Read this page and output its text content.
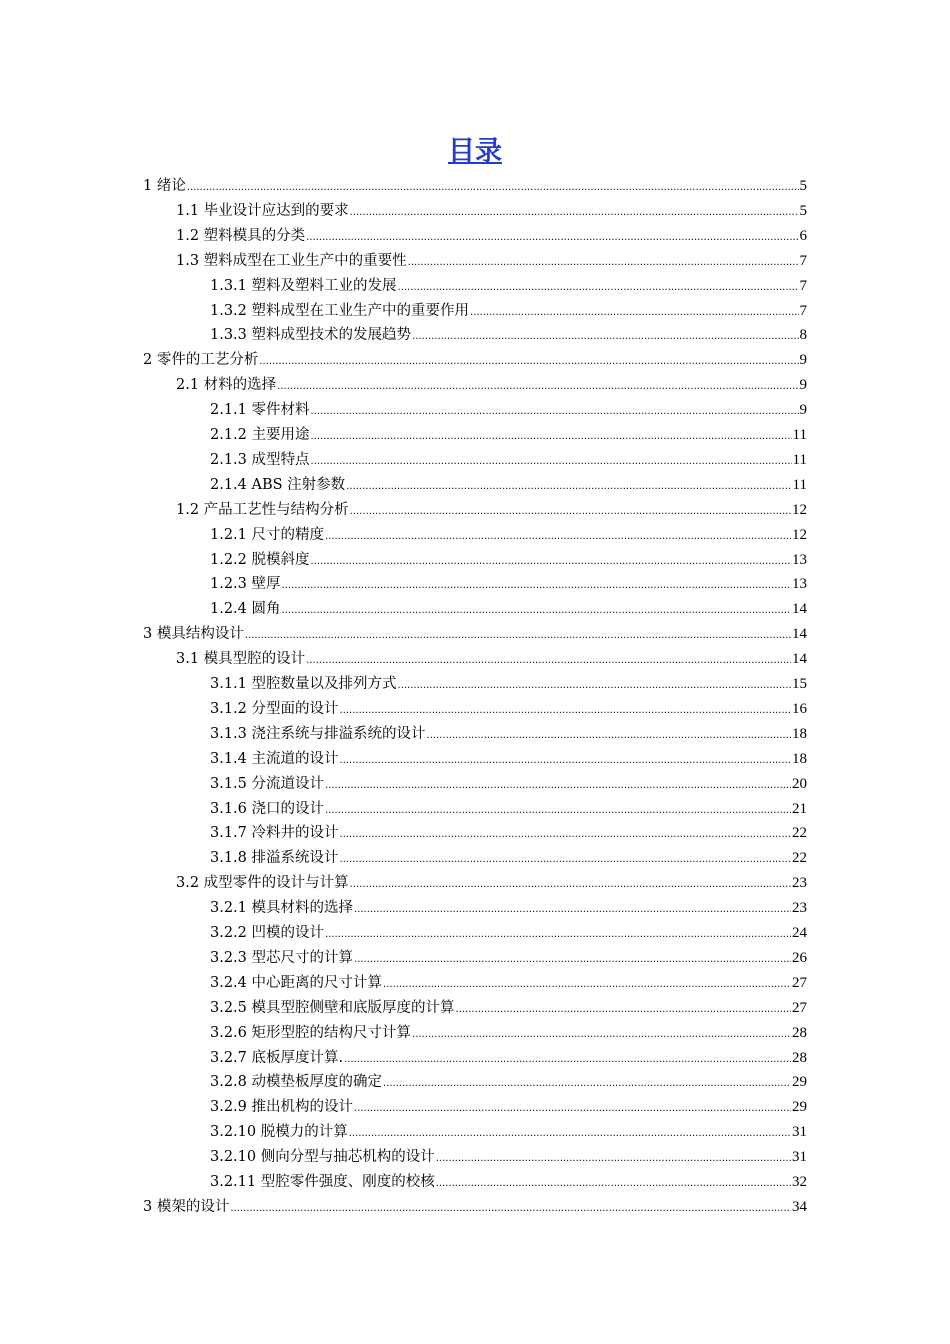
目录
1 绪论 .....	5
1.1 毕业设计应达到的要求 .....	5
1.2 塑料模具的分类 .....	6
1.3 塑料成型在工业生产中的重要性 .....	7
1.3.1 塑料及塑料工业的发展 .....	7
1.3.2 塑料成型在工业生产中的重要作用 .....	7
1.3.3 塑料成型技术的发展趋势 .....	8
2 零件的工艺分析 .....	9
2.1 材料的选择 .....	9
2.1.1 零件材料 .....	9
2.1.2 主要用途 .....	11
2.1.3 成型特点 .....	11
2.1.4 ABS 注射参数 .....	11
1.2 产品工艺性与结构分析 .....	12
1.2.1 尺寸的精度 .....	12
1.2.2 脱模斜度 .....	13
1.2.3 壁厚 .....	13
1.2.4 圆角 .....	14
3 模具结构设计 .....	14
3.1 模具型腔的设计 .....	14
3.1.1 型腔数量以及排列方式 .....	15
3.1.2 分型面的设计 .....	16
3.1.3 浇注系统与排溢系统的设计 .....	18
3.1.4 主流道的设计 .....	18
3.1.5 分流道设计 .....	20
3.1.6 浇口的设计 .....	21
3.1.7 冷料井的设计 .....	22
3.1.8 排溢系统设计 .....	22
3.2 成型零件的设计与计算 .....	23
3.2.1 模具材料的选择 .....	23
3.2.2 凹模的设计 .....	24
3.2.3 型芯尺寸的计算 .....	26
3.2.4 中心距离的尺寸计算 .....	27
3.2.5 模具型腔侧壁和底版厚度的计算 .....	27
3.2.6 矩形型腔的结构尺寸计算 .....	28
3.2.7 底板厚度计算. .....	28
3.2.8 动模垫板厚度的确定 .....	29
3.2.9 推出机构的设计 .....	29
3.2.10 脱模力的计算 .....	31
3.2.10 侧向分型与抽芯机构的设计 .....	31
3.2.11 型腔零件强度、刚度的校核 .....	32
3 模架的设计 .....	34
